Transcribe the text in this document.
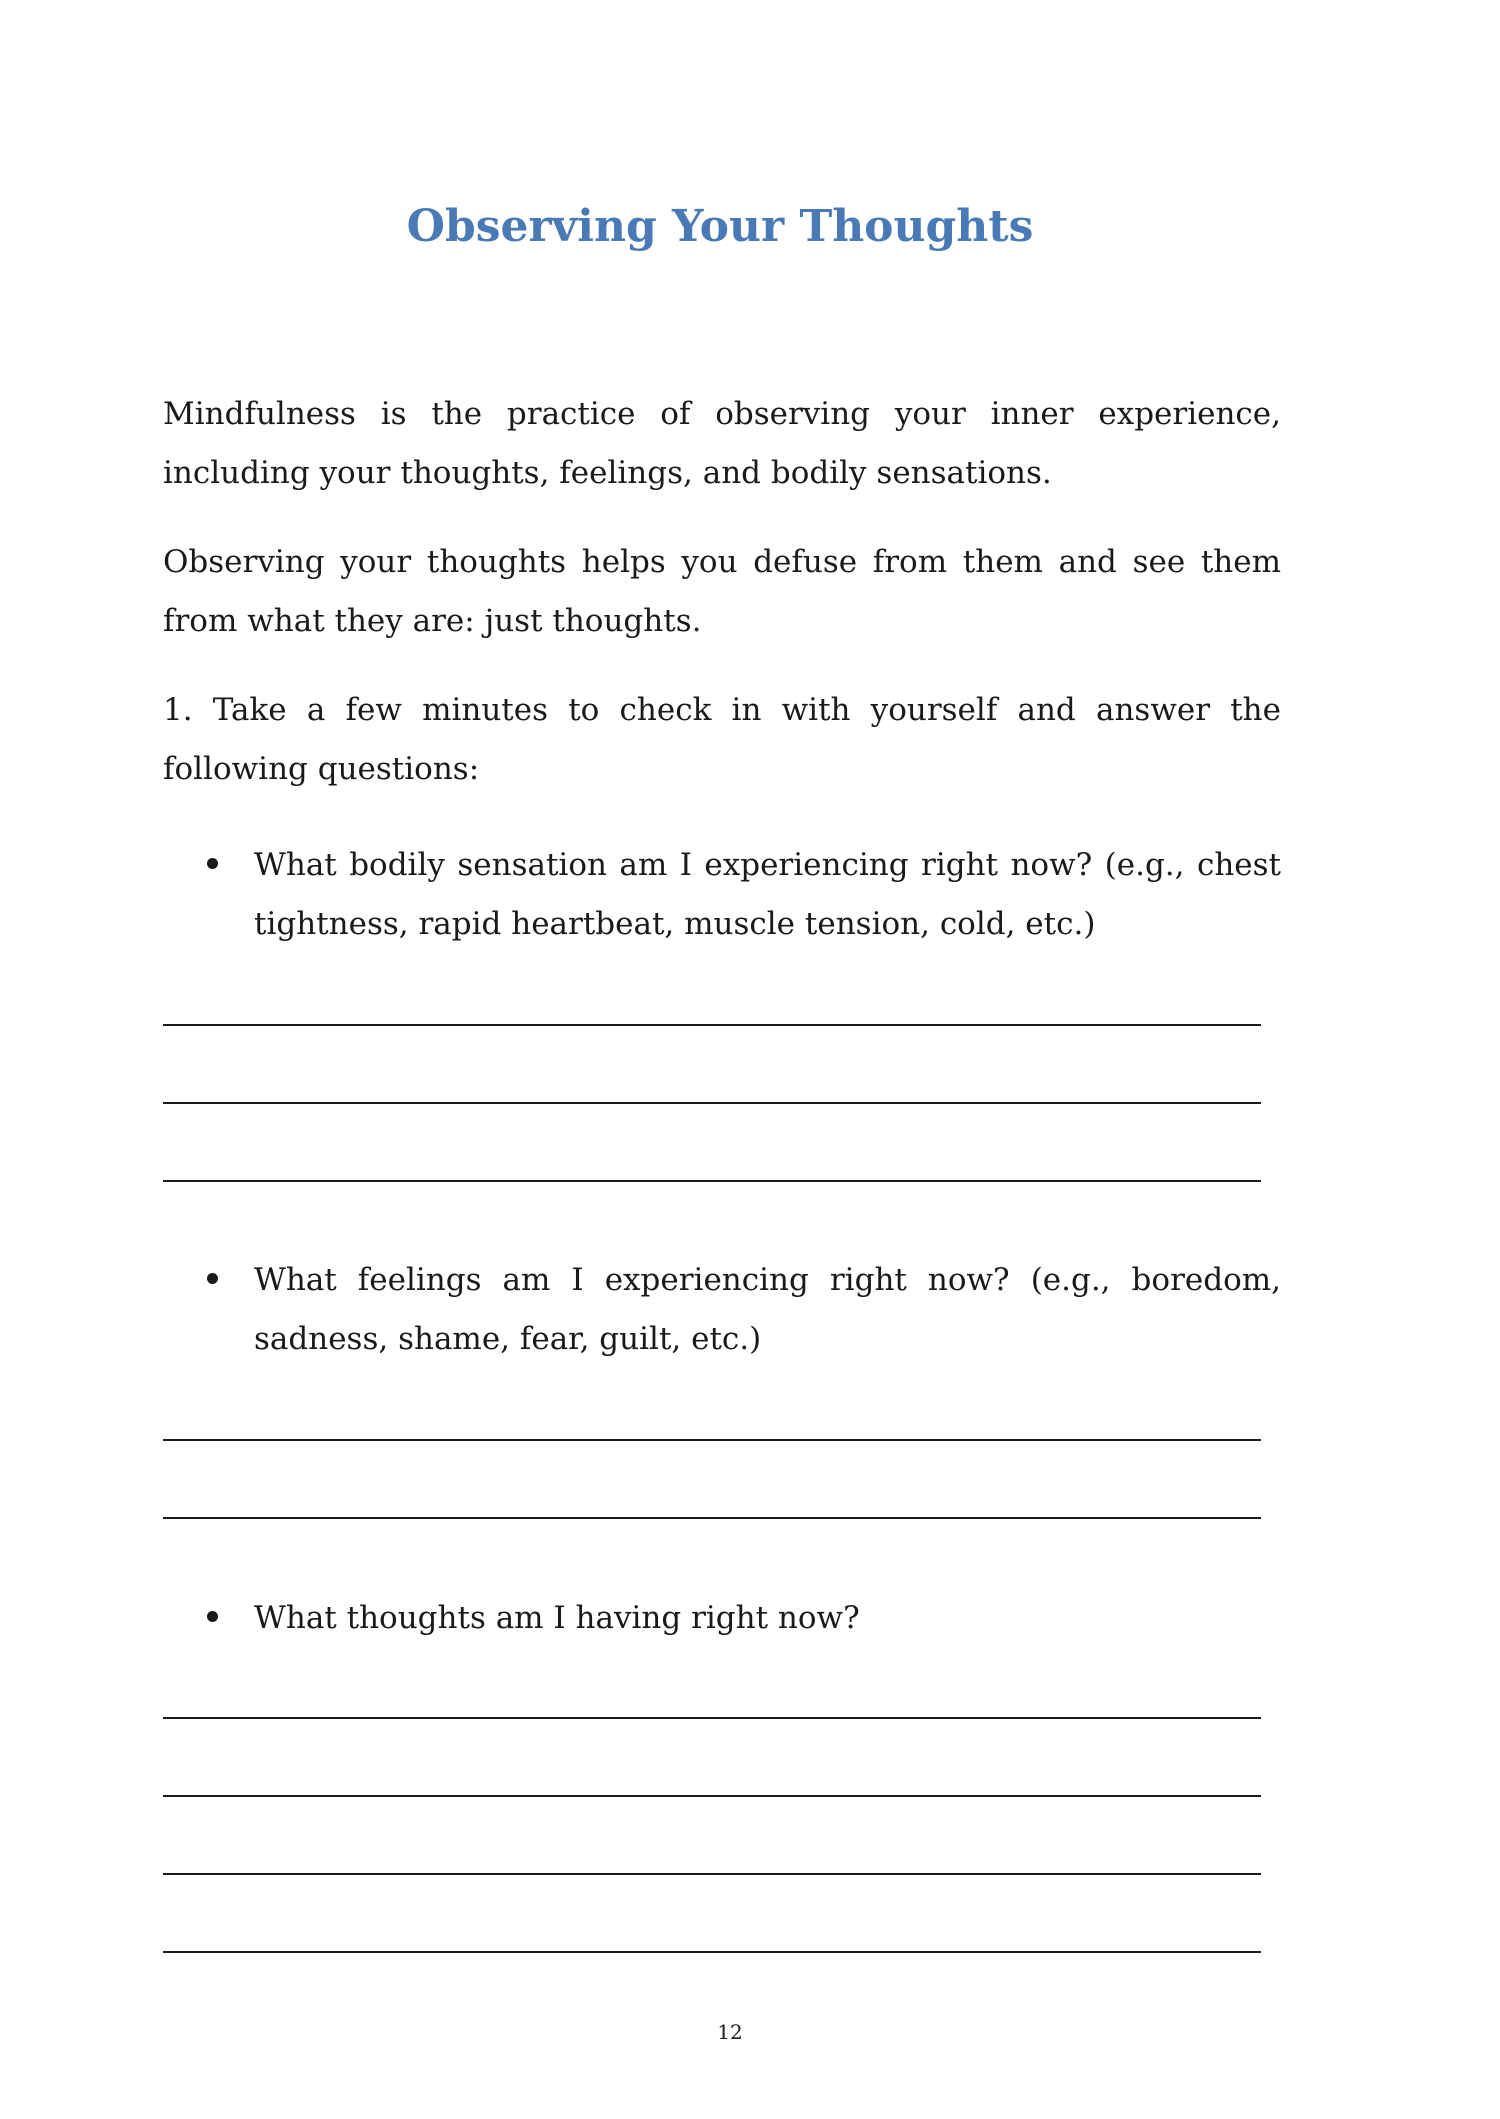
Observing Your Thoughts

Mindfulness is the practice of observing your inner experience, including your thoughts, feelings, and bodily sensations.

Observing your thoughts helps you defuse from them and see them from what they are: just thoughts.

1. Take a few minutes to check in with yourself and answer the following questions:

What bodily sensation am I experiencing right now? (e.g., chest tightness, rapid heartbeat, muscle tension, cold, etc.)

What feelings am I experiencing right now? (e.g., boredom, sadness, shame, fear, guilt, etc.)

What thoughts am I having right now?

12
